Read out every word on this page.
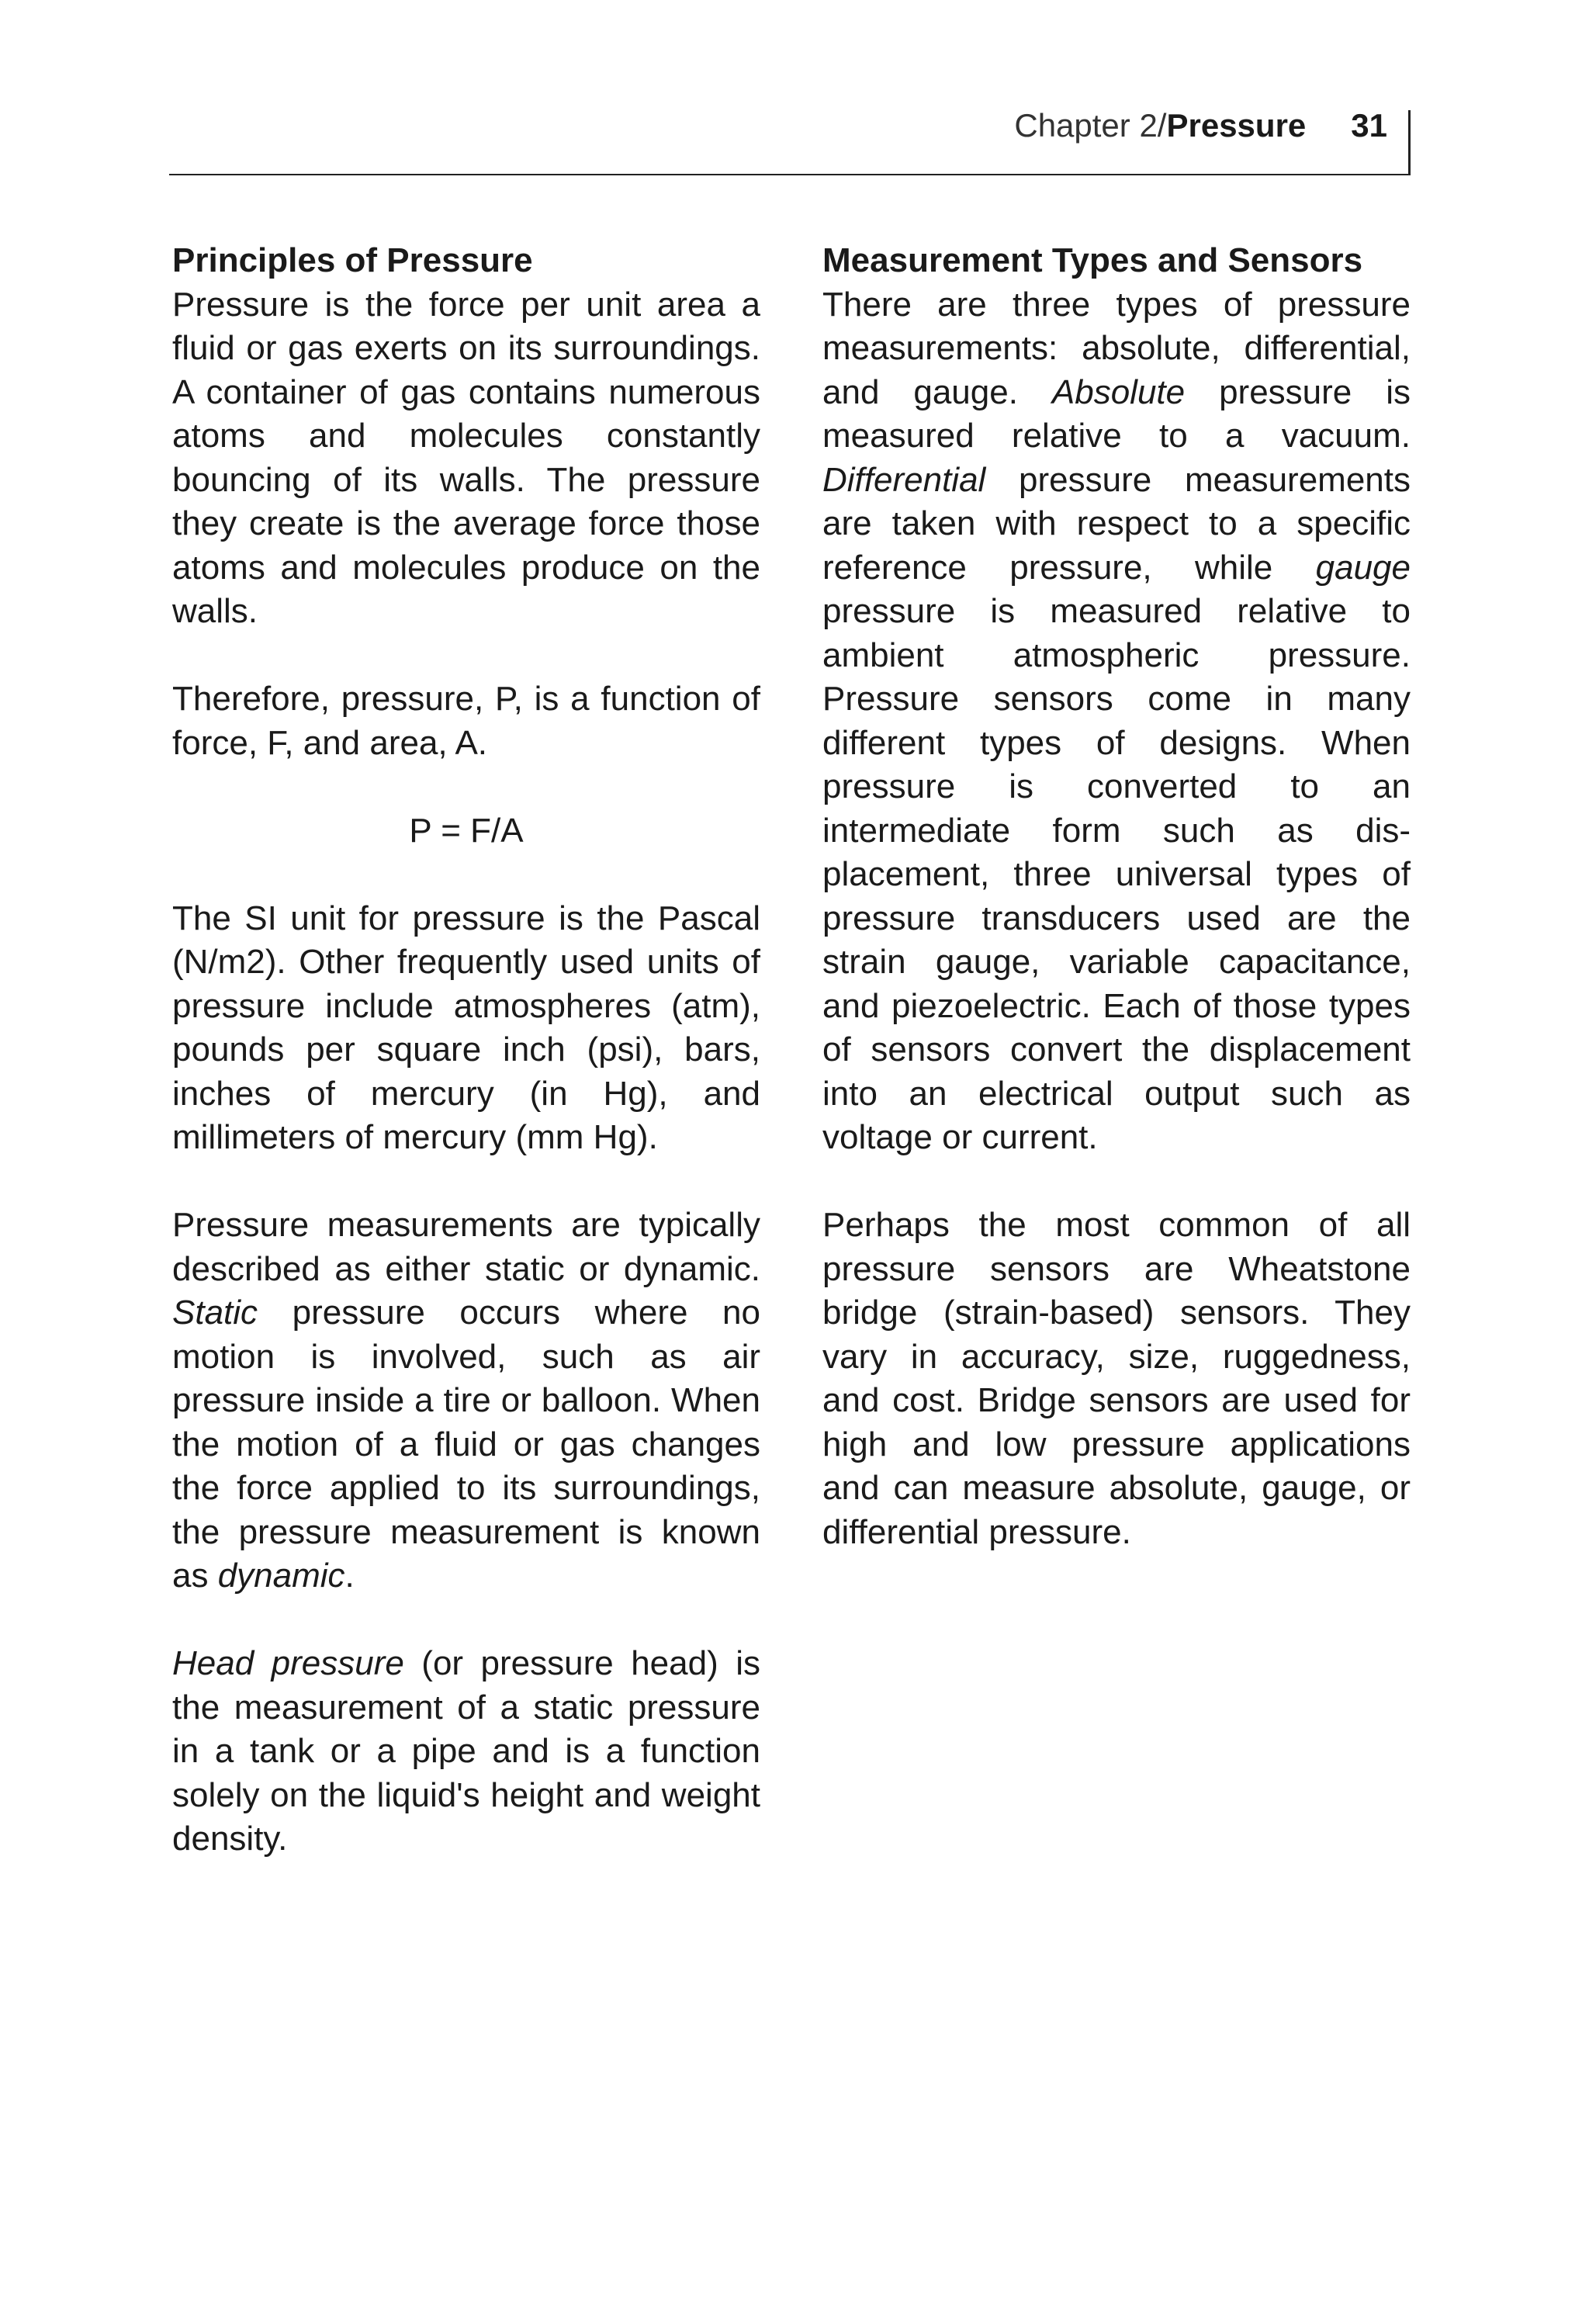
Chapter 2/Pressure 31
Principles of Pressure

Pressure is the force per unit area a fluid or gas exerts on its surroundings. A container of gas contains numerous atoms and molecules constantly bouncing of its walls. The pressure they create is the average force those atoms and molecules produce on the walls.

Therefore, pressure, P, is a function of force, F, and area, A.

P = F/A

The SI unit for pressure is the Pascal (N/m2). Other frequently used units of pressure include atmospheres (atm), pounds per square inch (psi), bars, inches of mercury (in Hg), and millimeters of mercury (mm Hg).

Pressure measurements are typically described as either static or dynamic. Static pressure occurs where no motion is involved, such as air pressure inside a tire or balloon. When the motion of a fluid or gas changes the force applied to its surroundings, the pressure measurement is known as dynamic.

Head pressure (or pressure head) is the measurement of a static pressure in a tank or a pipe and is a function solely on the liquid's height and weight density.

Measurement Types and Sensors

There are three types of pressure measurements: absolute, differential, and gauge. Absolute pressure is measured relative to a vacuum. Differential pressure measurements are taken with respect to a specific reference pressure, while gauge pressure is measured relative to ambient atmospheric pressure. Pressure sensors come in many different types of designs. When pressure is converted to an intermediate form such as displacement, three universal types of pressure transducers used are the strain gauge, variable capacitance, and piezoelectric. Each of those types of sensors convert the displacement into an electrical output such as voltage or current.

Perhaps the most common of all pressure sensors are Wheatstone bridge (strain-based) sensors. They vary in accuracy, size, ruggedness, and cost. Bridge sensors are used for high and low pressure applications and can measure absolute, gauge, or differential pressure.
